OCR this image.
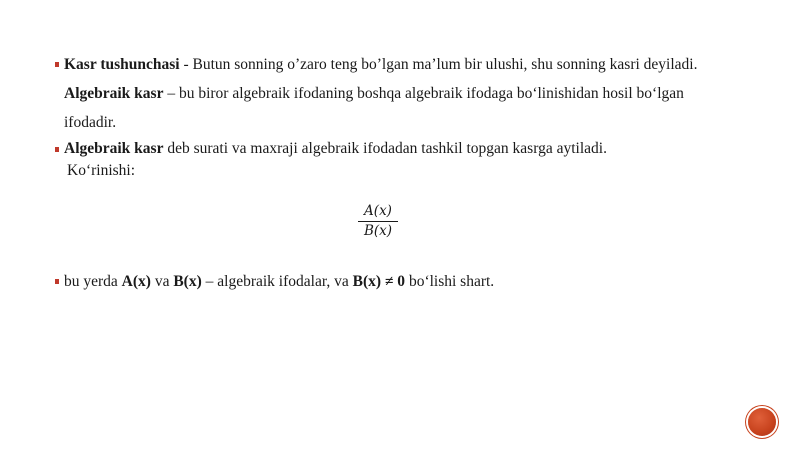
Kasr tushunchasi - Butun sonning o’zaro teng bo’lgan ma’lum bir ulushi, shu sonning kasri deyiladi.
Algebraik kasr – bu biror algebraik ifodaning boshqa algebraik ifodaga bo‘linishidan hosil bo‘lgan
ifodadir.
Algebraik kasr deb surati va maxraji algebraik ifodadan tashkil topgan kasrga aytiladi.
Ko‘rinishi:
A(x)
B(x)
bu yerda A(x) va B(x) – algebraik ifodalar, va B(x) ≠ 0 bo‘lishi shart.
